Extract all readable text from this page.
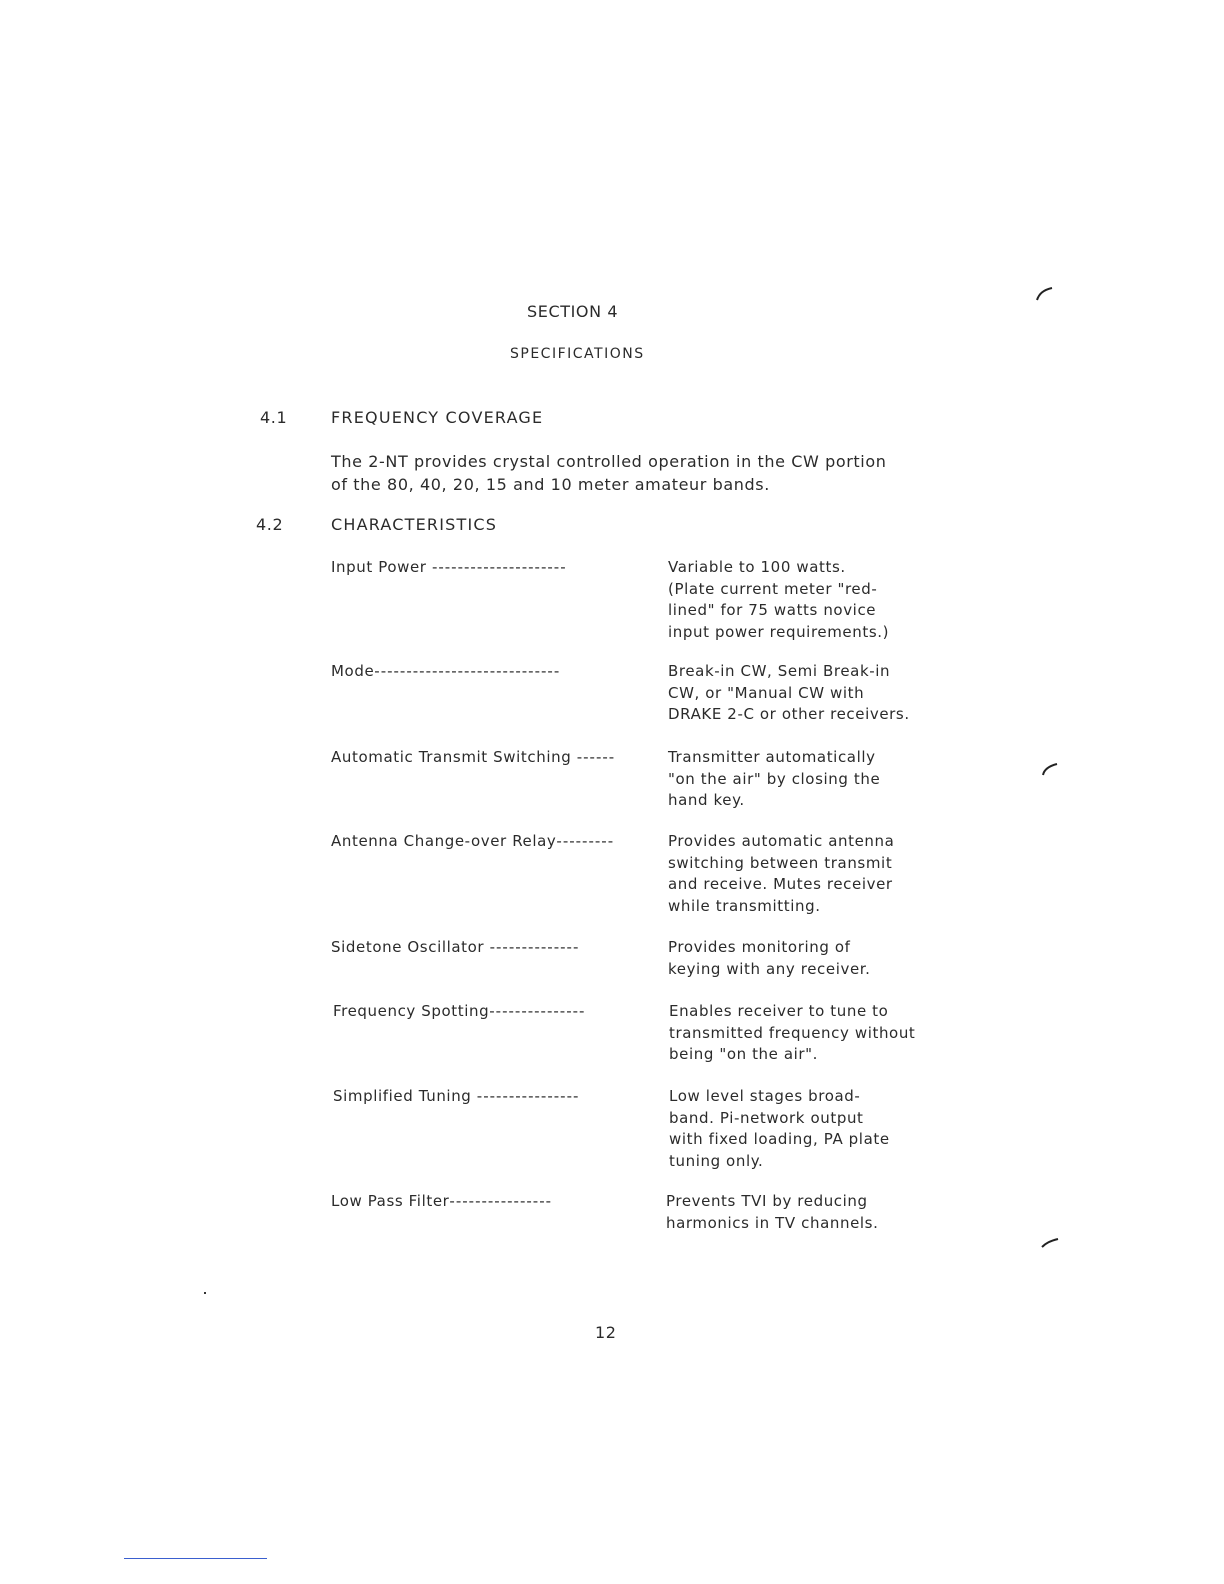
SECTION 4
SPECIFICATIONS
4.1	FREQUENCY COVERAGE
The 2-NT provides crystal controlled operation in the CW portion
of the 80, 40, 20, 15 and 10 meter amateur bands.
4.2	CHARACTERISTICS
Input Power ---------------------	Variable to 100 watts.
(Plate current meter "red-
lined" for 75 watts novice
input power requirements.)
Mode-----------------------------	Break-in CW, Semi Break-in
CW, or "Manual CW with
DRAKE 2-C or other receivers.
Automatic Transmit Switching ------	Transmitter automatically
"on the air" by closing the
hand key.
Antenna Change-over Relay---------	Provides automatic antenna
switching between transmit
and receive. Mutes receiver
while transmitting.
Sidetone Oscillator --------------	Provides monitoring of
keying with any receiver.
Frequency Spotting---------------	Enables receiver to tune to
transmitted frequency without
being "on the air".
Simplified Tuning ----------------	Low level stages broad-
band. Pi-network output
with fixed loading, PA plate
tuning only.
Low Pass Filter----------------	Prevents TVI by reducing
harmonics in TV channels.
12
